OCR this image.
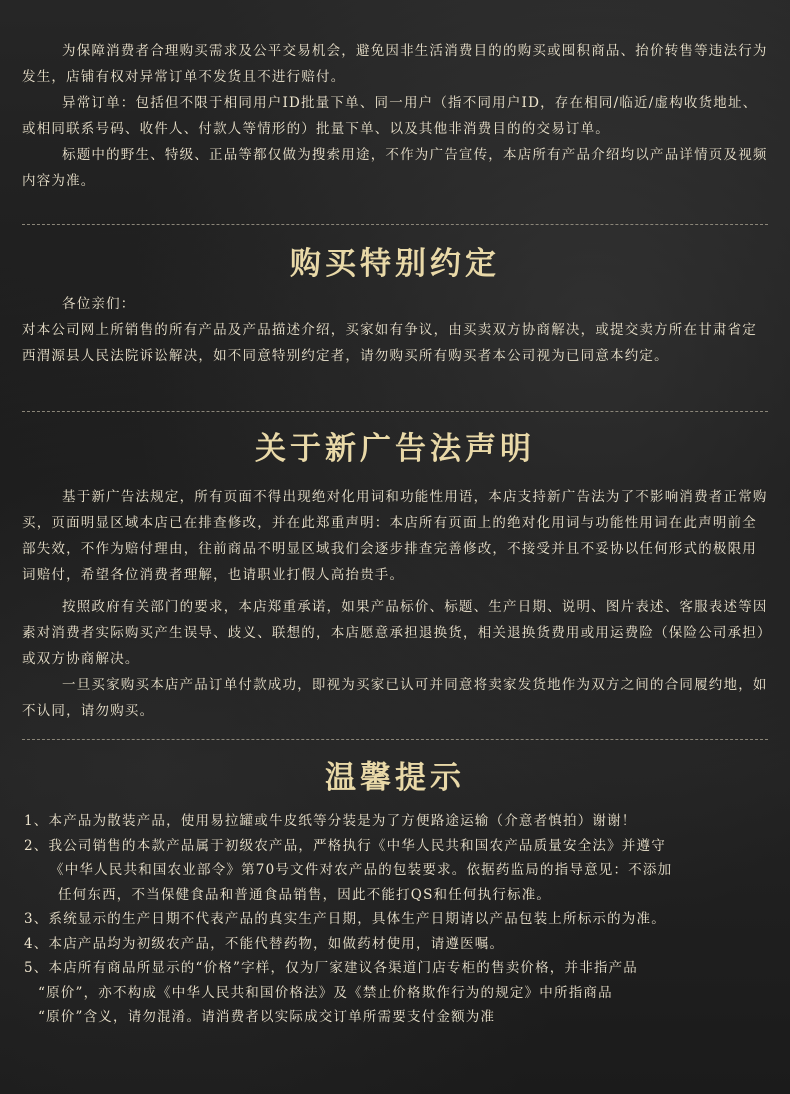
为保障消费者合理购买需求及公平交易机会，避免因非生活消费目的的购买或囤积商品、抬价转售等违法行为发生，店铺有权对异常订单不发货且不进行赔付。

异常订单：包括但不限于相同用户ID批量下单、同一用户（指不同用户ID，存在相同/临近/虚构收货地址、或相同联系号码、收件人、付款人等情形的）批量下单、以及其他非消费目的的交易订单。

标题中的野生、特级、正品等都仅做为搜索用途，不作为广告宣传，本店所有产品介绍均以产品详情页及视频内容为准。

购买特别约定

各位亲们：

对本公司网上所销售的所有产品及产品描述介绍，买家如有争议，由买卖双方协商解决，或提交卖方所在甘肃省定西渭源县人民法院诉讼解决，如不同意特别约定者，请勿购买所有购买者本公司视为已同意本约定。

关于新广告法声明

基于新广告法规定，所有页面不得出现绝对化用词和功能性用语，本店支持新广告法为了不影响消费者正常购买，页面明显区域本店已在排查修改，并在此郑重声明：本店所有页面上的绝对化用词与功能性用词在此声明前全部失效，不作为赔付理由，往前商品不明显区域我们会逐步排查完善修改，不接受并且不妥协以任何形式的极限用词赔付，希望各位消费者理解，也请职业打假人高抬贵手。

按照政府有关部门的要求，本店郑重承诺，如果产品标价、标题、生产日期、说明、图片表述、客服表述等因素对消费者实际购买产生误导、歧义、联想的，本店愿意承担退换货，相关退换货费用或用运费险（保险公司承担）或双方协商解决。

一旦买家购买本店产品订单付款成功，即视为买家已认可并同意将卖家发货地作为双方之间的合同履约地，如不认同，请勿购买。

温馨提示
1、本产品为散装产品，使用易拉罐或牛皮纸等分装是为了方便路途运输（介意者慎拍）谢谢！
2、我公司销售的本款产品属于初级农产品，严格执行《中华人民共和国农产品质量安全法》并遵守
《中华人民共和国农业部令》第70号文件对农产品的包装要求。依据药监局的指导意见：不添加
任何东西，不当保健食品和普通食品销售，因此不能打QS和任何执行标准。
3、系统显示的生产日期不代表产品的真实生产日期，具体生产日期请以产品包装上所标示的为准。
4、本店产品均为初级农产品，不能代替药物，如做药材使用，请遵医嘱。
5、本店所有商品所显示的“价格”字样，仅为厂家建议各渠道门店专柜的售卖价格，并非指产品
“原价”，亦不构成《中华人民共和国价格法》及《禁止价格欺作行为的规定》中所指商品
“原价”含义，请勿混淆。请消费者以实际成交订单所需要支付金额为准
